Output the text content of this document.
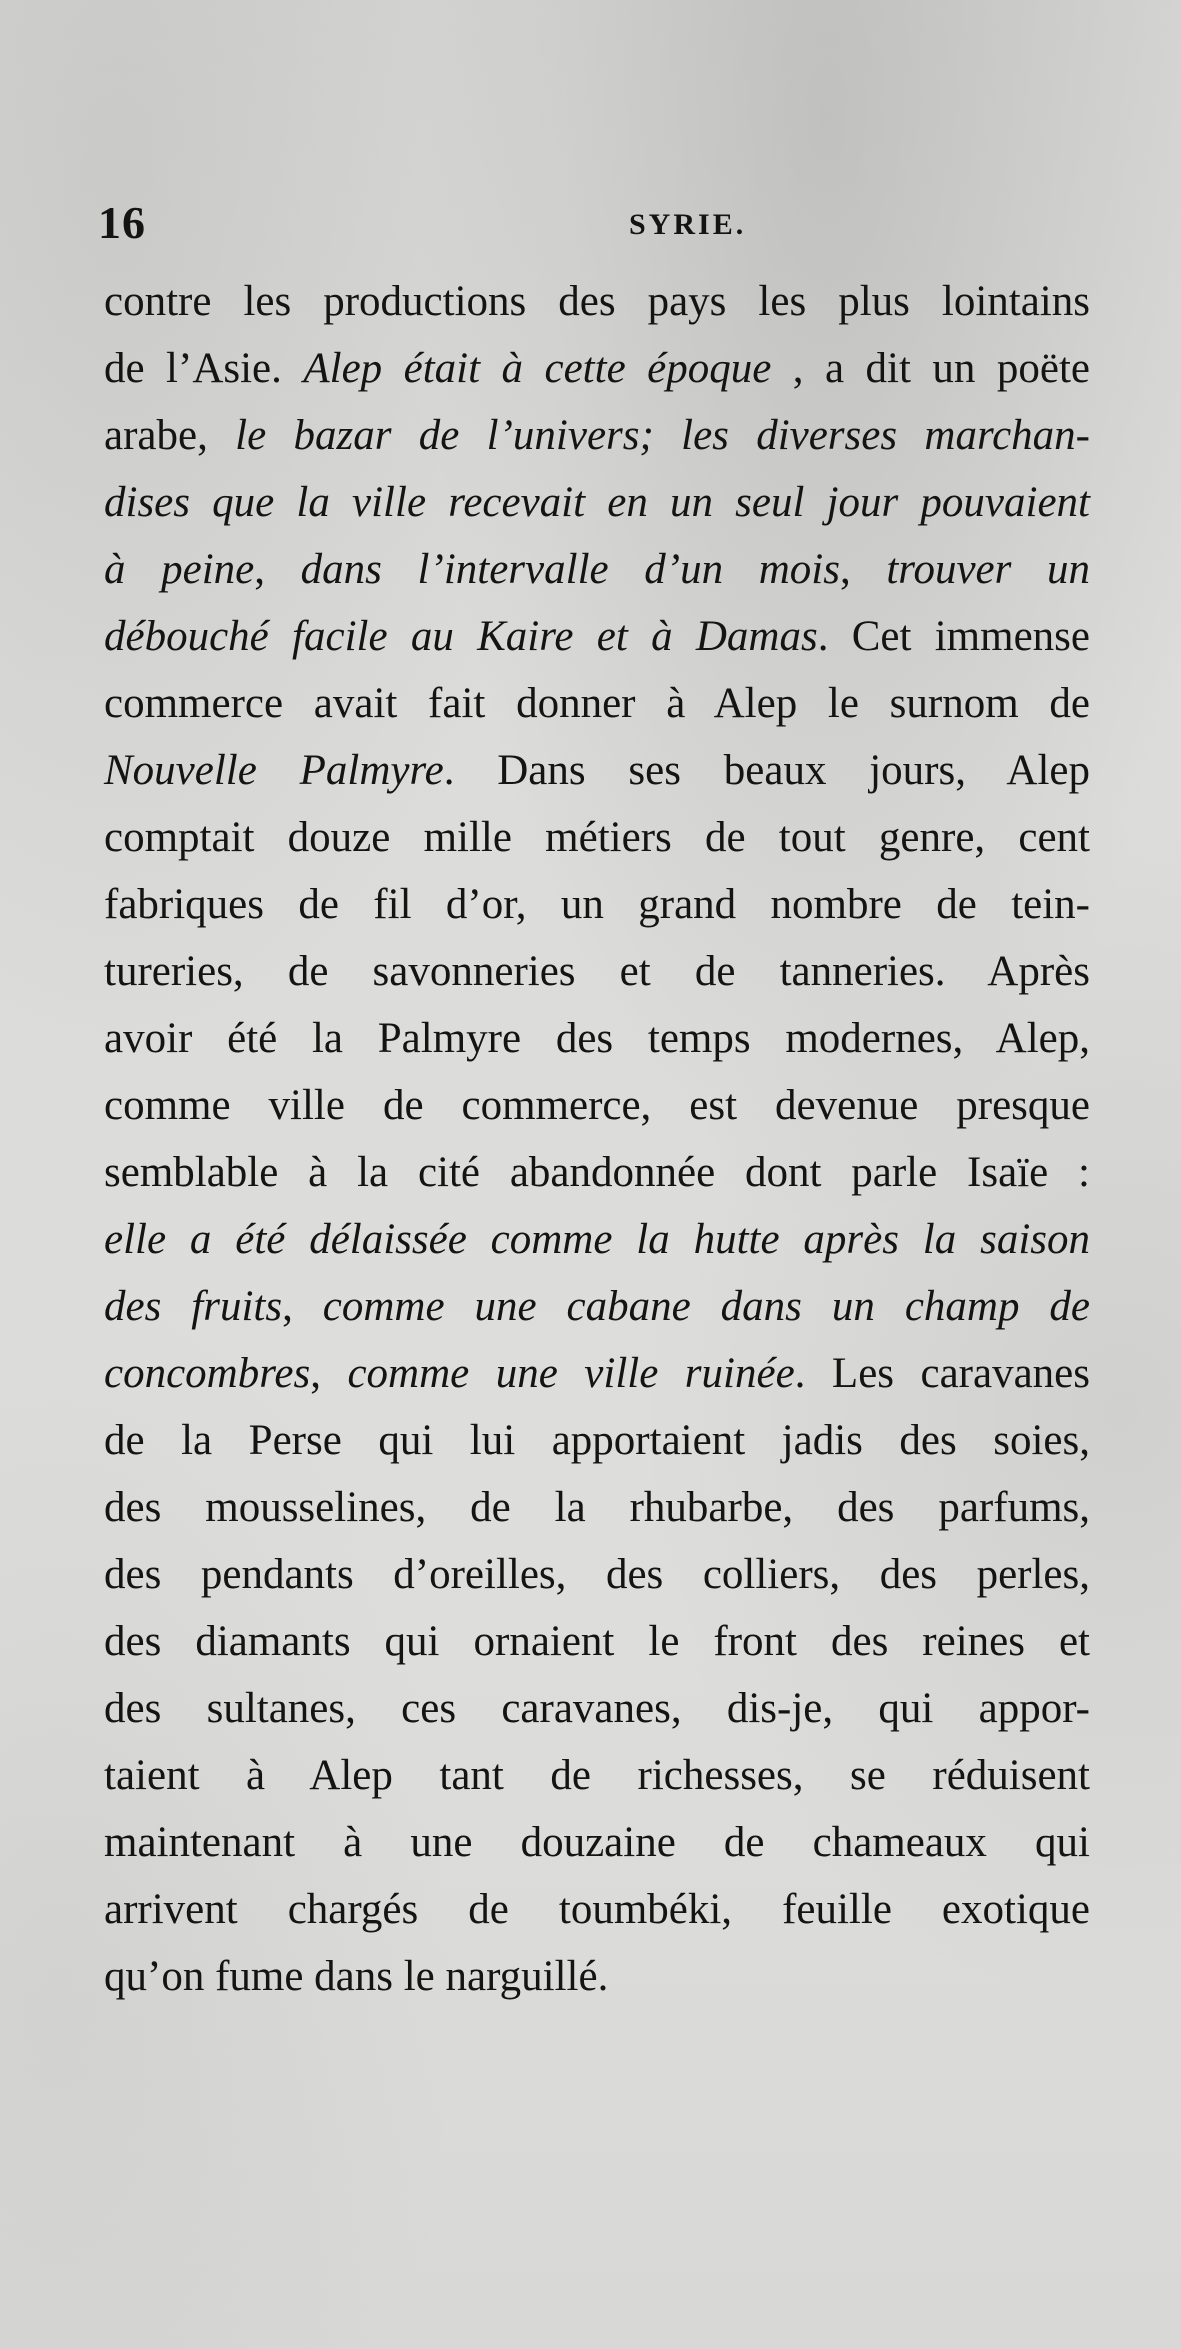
16	SYRIE.
contre les productions des pays les plus lointains
de l’Asie. Alep était à cette époque , a dit un poëte
arabe, le bazar de l’univers; les diverses marchan-
dises que la ville recevait en un seul jour pouvaient
à peine, dans l’intervalle d’un mois, trouver un
débouché facile au Kaire et à Damas. Cet immense
commerce avait fait donner à Alep le surnom de
Nouvelle Palmyre. Dans ses beaux jours, Alep
comptait douze mille métiers de tout genre, cent
fabriques de fil d’or, un grand nombre de tein-
tureries, de savonneries et de tanneries. Après
avoir été la Palmyre des temps modernes, Alep,
comme ville de commerce, est devenue presque
semblable à la cité abandonnée dont parle Isaïe :
elle a été délaissée comme la hutte après la saison
des fruits, comme une cabane dans un champ de
concombres, comme une ville ruinée. Les caravanes
de la Perse qui lui apportaient jadis des soies,
des mousselines, de la rhubarbe, des parfums,
des pendants d’oreilles, des colliers, des perles,
des diamants qui ornaient le front des reines et
des sultanes, ces caravanes, dis-je, qui appor-
taient à Alep tant de richesses, se réduisent
maintenant à une douzaine de chameaux qui
arrivent chargés de toumbéki, feuille exotique
qu’on fume dans le narguillé.
